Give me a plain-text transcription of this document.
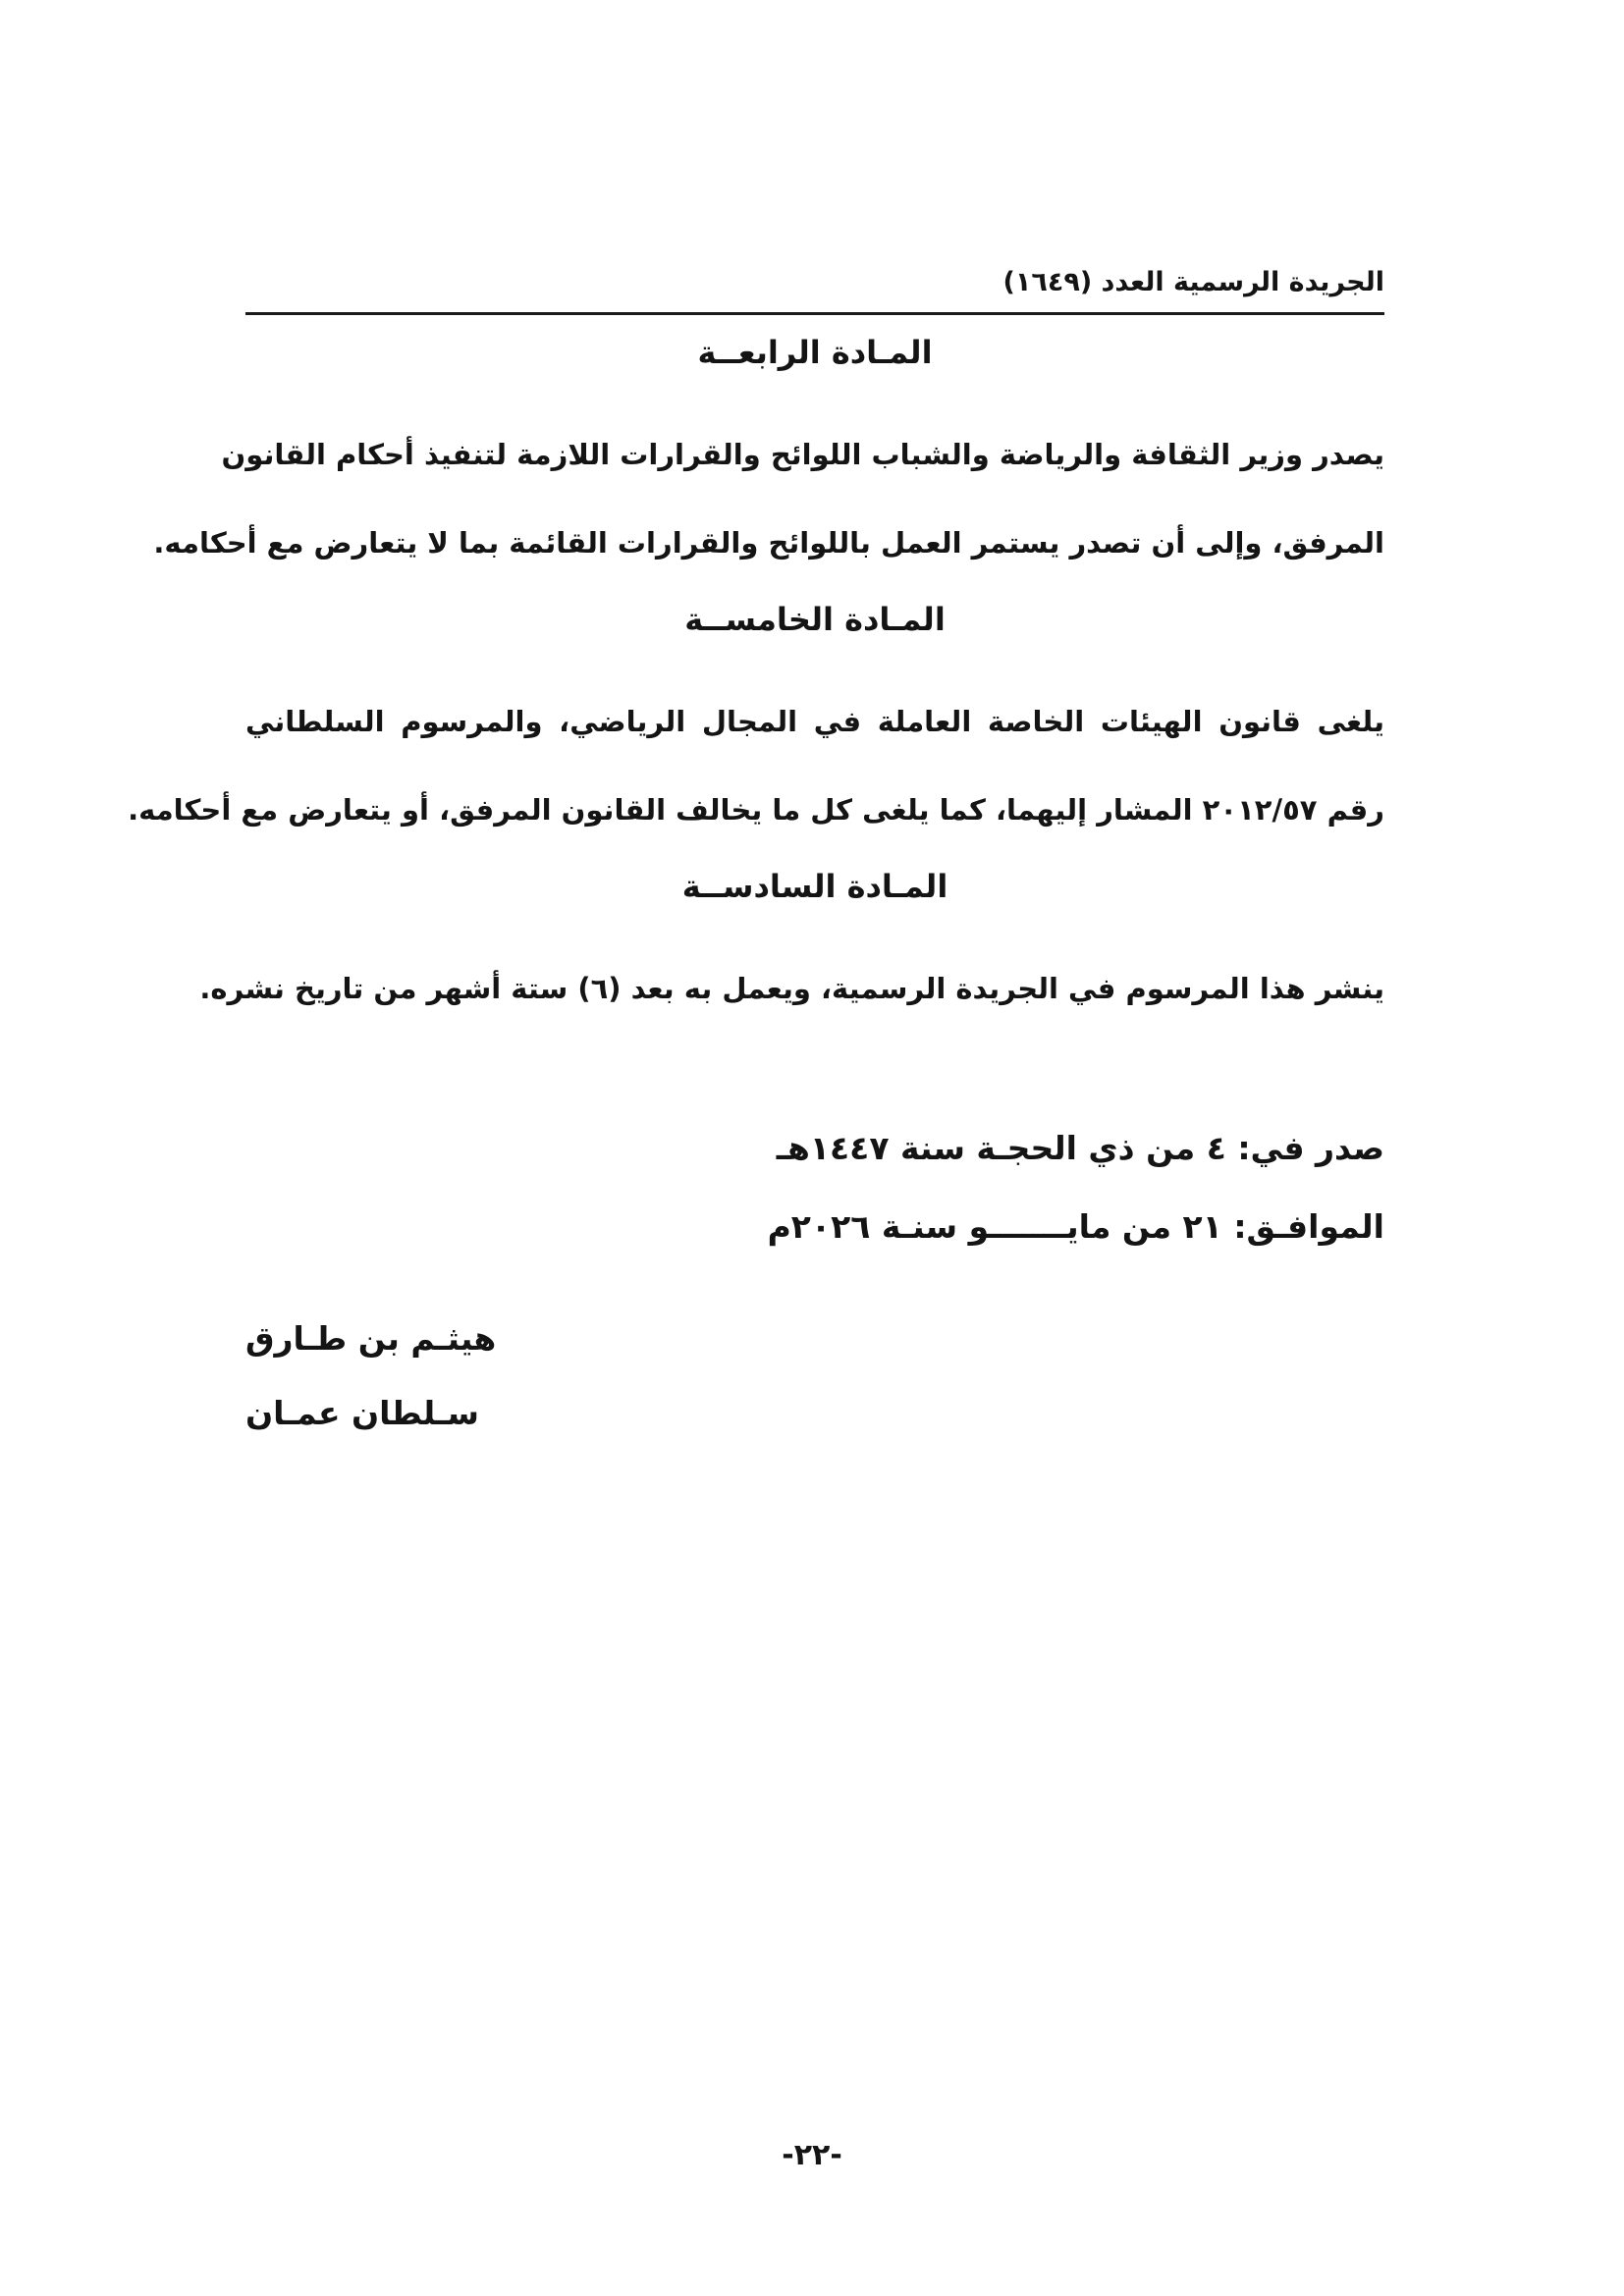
الجريدة الرسمية العدد (١٦٤٩)
المـادة الرابعــة
يصدر وزير الثقافة والرياضة والشباب اللوائح والقرارات اللازمة لتنفيذ أحكام القانون
المرفق، وإلى أن تصدر يستمر العمل باللوائح والقرارات القائمة بما لا يتعارض مع أحكامه.
المـادة الخامســة
يلغى قانون الهيئات الخاصة العاملة في المجال الرياضي، والمرسوم السلطاني
رقم ٢٠١٢/٥٧ المشار إليهما، كما يلغى كل ما يخالف القانون المرفق، أو يتعارض مع أحكامه.
المـادة السادســة
ينشر هذا المرسوم في الجريدة الرسمية، ويعمل به بعد (٦) ستة أشهر من تاريخ نشره.
صدر في: ٤ من ذي الحجـة سنة ١٤٤٧هـ
الموافـق: ٢١ من مايـــــــو سنـة ٢٠٢٦م
هيثـم بن طـارق
سـلطان عمـان
-٢٢-
